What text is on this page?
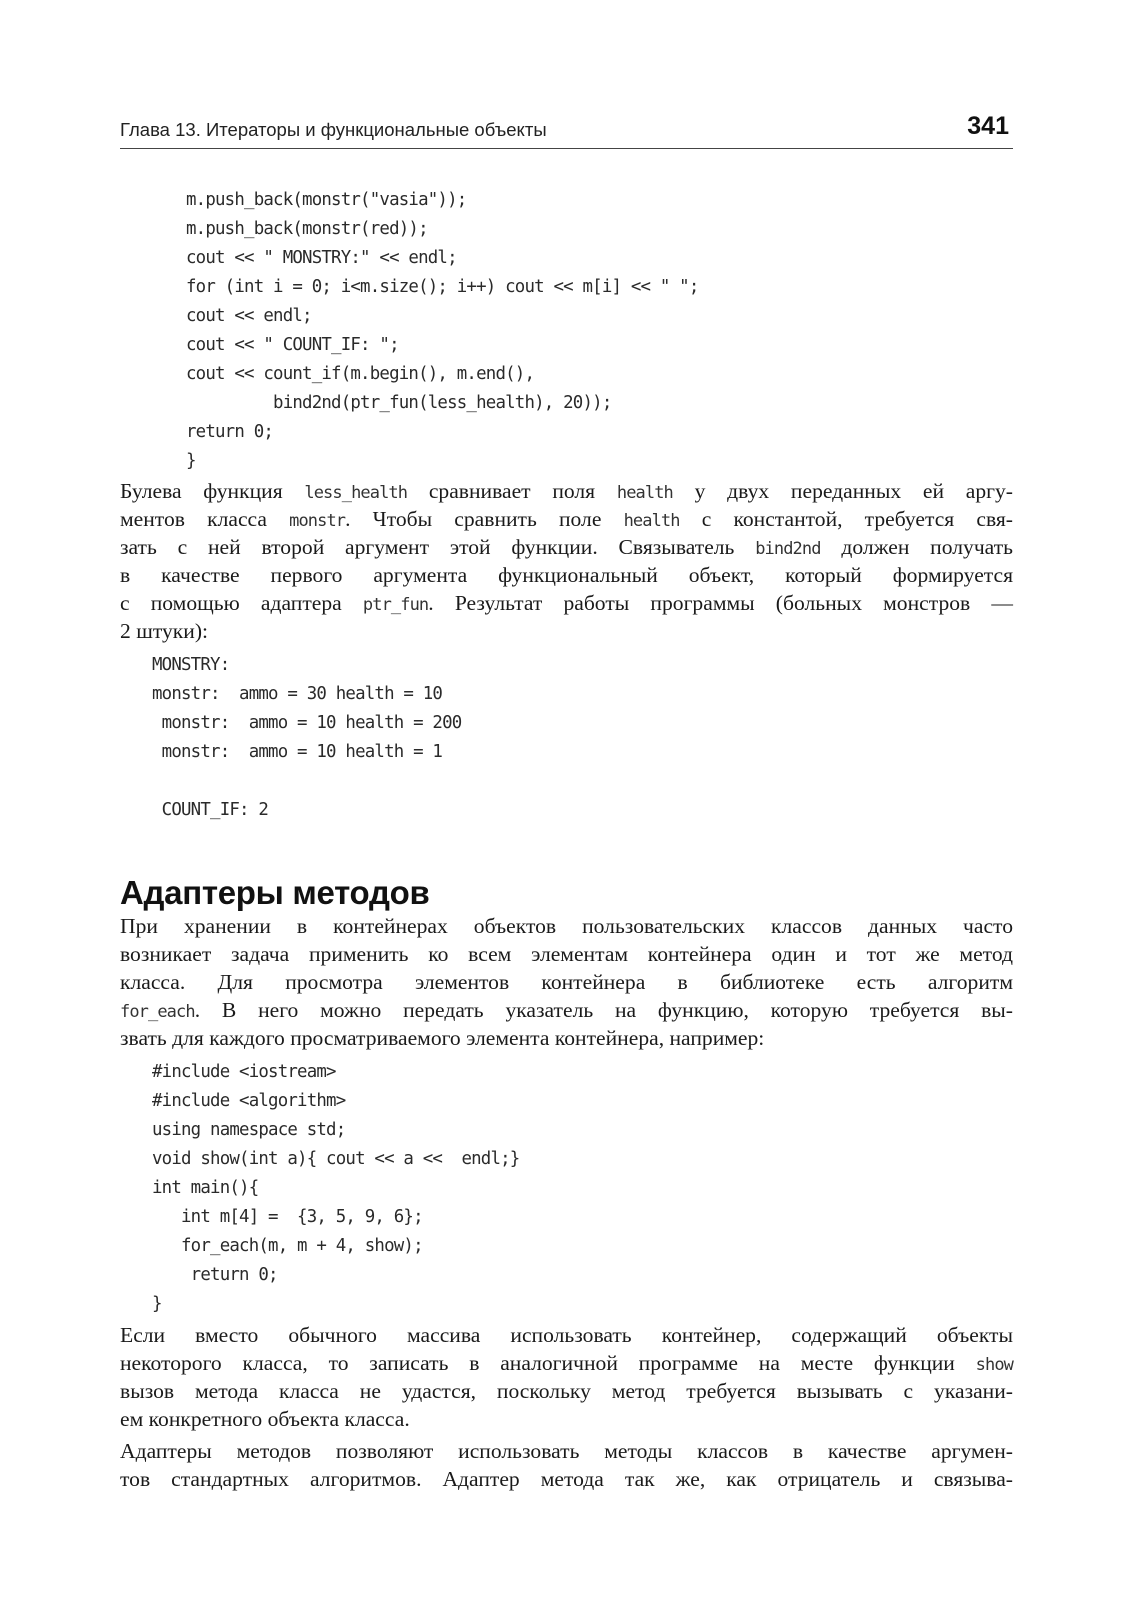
Глава 13. Итераторы и функциональные объекты	341
m.push_back(monstr("vasia"));
m.push_back(monstr(red));
cout << " MONSTRY:" << endl;
for (int i = 0; i<m.size(); i++) cout << m[i] << " ";
cout << endl;
cout << " COUNT_IF: ";
cout << count_if(m.begin(), m.end(),
bind2nd(ptr_fun(less_health), 20));
return 0;
}
Булева функция less_health сравнивает поля health у двух переданных ей аргу-
ментов класса monstr. Чтобы сравнить поле health с константой, требуется свя-
зать с ней второй аргумент этой функции. Связыватель bind2nd должен получать
в качестве первого аргумента функциональный объект, который формируется
с помощью адаптера ptr_fun. Результат работы программы (больных монстров —
2 штуки):
MONSTRY:
monstr:  ammo = 30 health = 10
monstr:  ammo = 10 health = 200
monstr:  ammo = 10 health = 1
COUNT_IF: 2
Адаптеры методов
При хранении в контейнерах объектов пользовательских классов данных часто
возникает задача применить ко всем элементам контейнера один и тот же метод
класса. Для просмотра элементов контейнера в библиотеке есть алгоритм
for_each. В него можно передать указатель на функцию, которую требуется вы-
звать для каждого просматриваемого элемента контейнера, например:
#include <iostream>
#include <algorithm>
using namespace std;
void show(int a){ cout << a <<  endl;}
int main(){
int m[4] =  {3, 5, 9, 6};
for_each(m, m + 4, show);
return 0;
}
Если вместо обычного массива использовать контейнер, содержащий объекты
некоторого класса, то записать в аналогичной программе на месте функции show
вызов метода класса не удастся, поскольку метод требуется вызывать с указани-
ем конкретного объекта класса.
Адаптеры методов позволяют использовать методы классов в качестве аргумен-
тов стандартных алгоритмов. Адаптер метода так же, как отрицатель и связыва-
